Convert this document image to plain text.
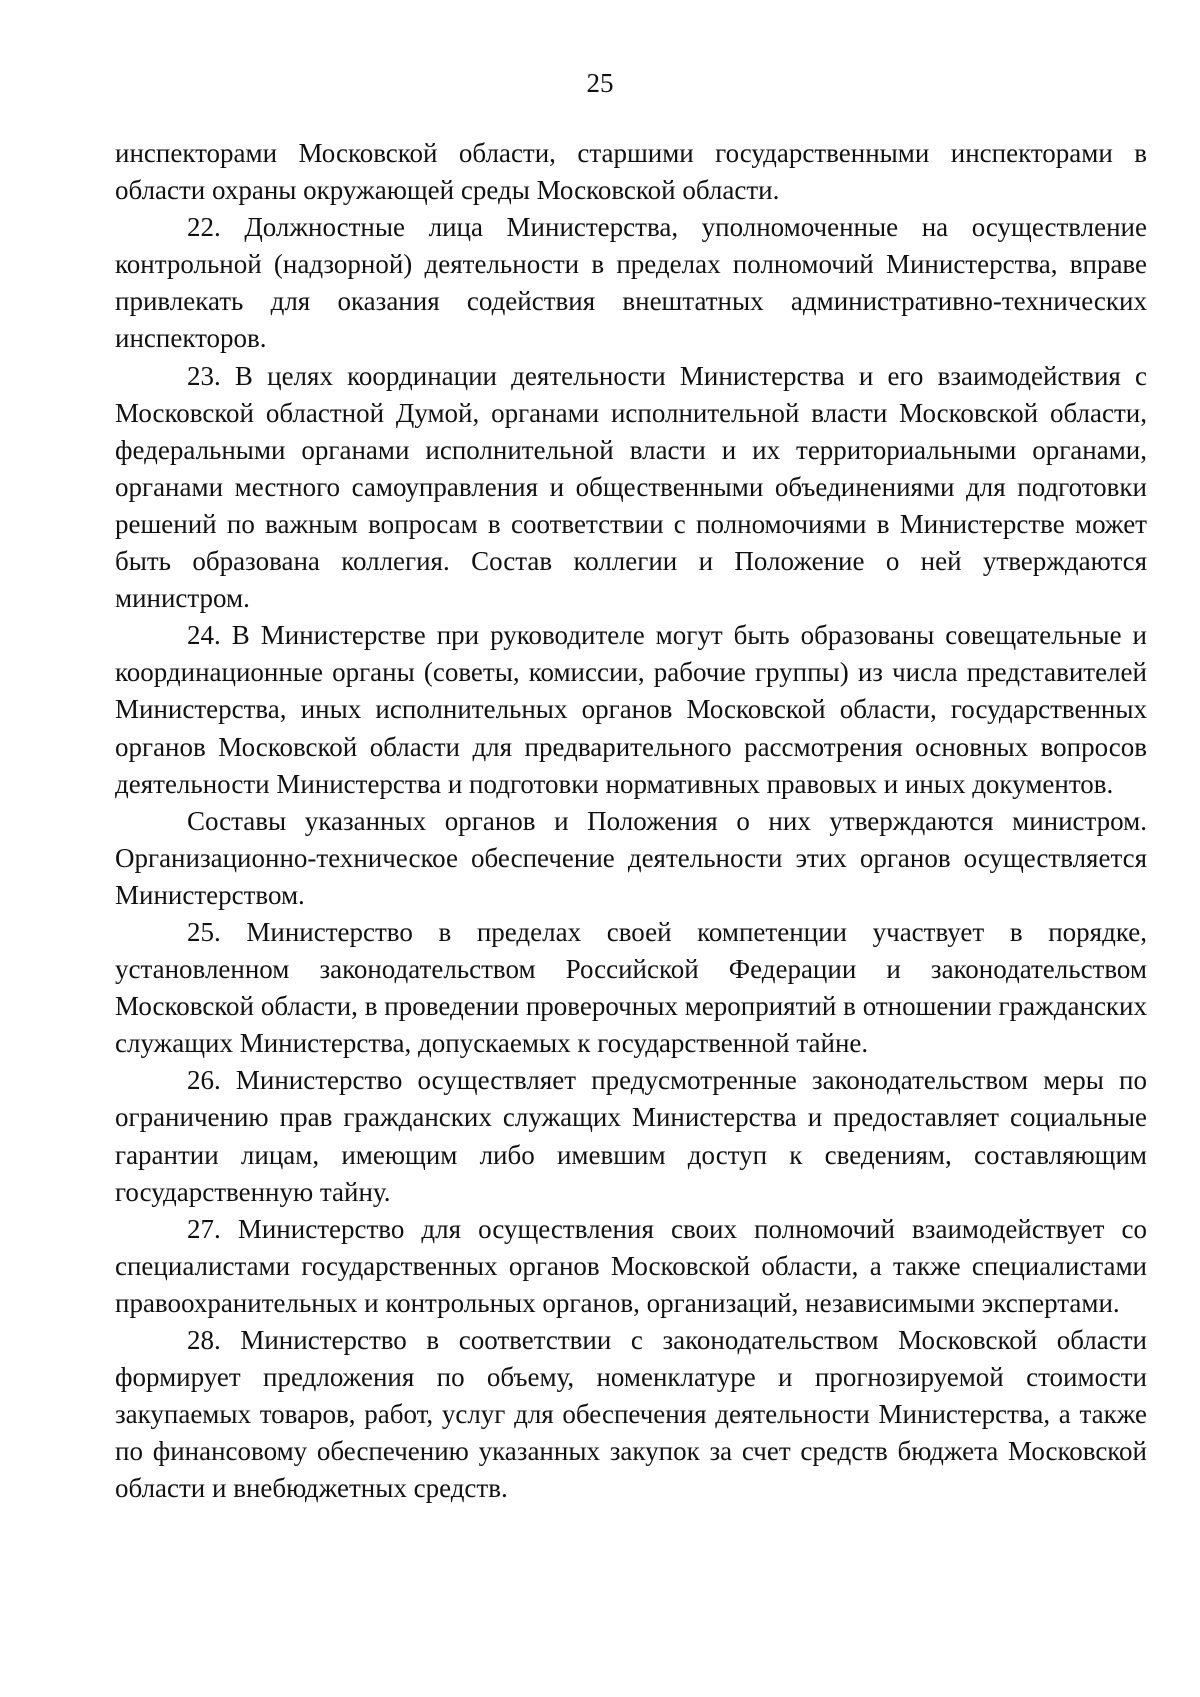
25

инспекторами Московской области, старшими государственными инспекторами в области охраны окружающей среды Московской области.

22. Должностные лица Министерства, уполномоченные на осуществление контрольной (надзорной) деятельности в пределах полномочий Министерства, вправе привлекать для оказания содействия внештатных административно-технических инспекторов.

23. В целях координации деятельности Министерства и его взаимодействия с Московской областной Думой, органами исполнительной власти Московской области, федеральными органами исполнительной власти и их территориальными органами, органами местного самоуправления и общественными объединениями для подготовки решений по важным вопросам в соответствии с полномочиями в Министерстве может быть образована коллегия. Состав коллегии и Положение о ней утверждаются министром.

24. В Министерстве при руководителе могут быть образованы совещательные и координационные органы (советы, комиссии, рабочие группы) из числа представителей Министерства, иных исполнительных органов Московской области, государственных органов Московской области для предварительного рассмотрения основных вопросов деятельности Министерства и подготовки нормативных правовых и иных документов.

Составы указанных органов и Положения о них утверждаются министром. Организационно-техническое обеспечение деятельности этих органов осуществляется Министерством.

25. Министерство в пределах своей компетенции участвует в порядке, установленном законодательством Российской Федерации и законодательством Московской области, в проведении проверочных мероприятий в отношении гражданских служащих Министерства, допускаемых к государственной тайне.

26. Министерство осуществляет предусмотренные законодательством меры по ограничению прав гражданских служащих Министерства и предоставляет социальные гарантии лицам, имеющим либо имевшим доступ к сведениям, составляющим государственную тайну.

27. Министерство для осуществления своих полномочий взаимодействует со специалистами государственных органов Московской области, а также специалистами правоохранительных и контрольных органов, организаций, независимыми экспертами.

28. Министерство в соответствии с законодательством Московской области формирует предложения по объему, номенклатуре и прогнозируемой стоимости закупаемых товаров, работ, услуг для обеспечения деятельности Министерства, а также по финансовому обеспечению указанных закупок за счет средств бюджета Московской области и внебюджетных средств.
